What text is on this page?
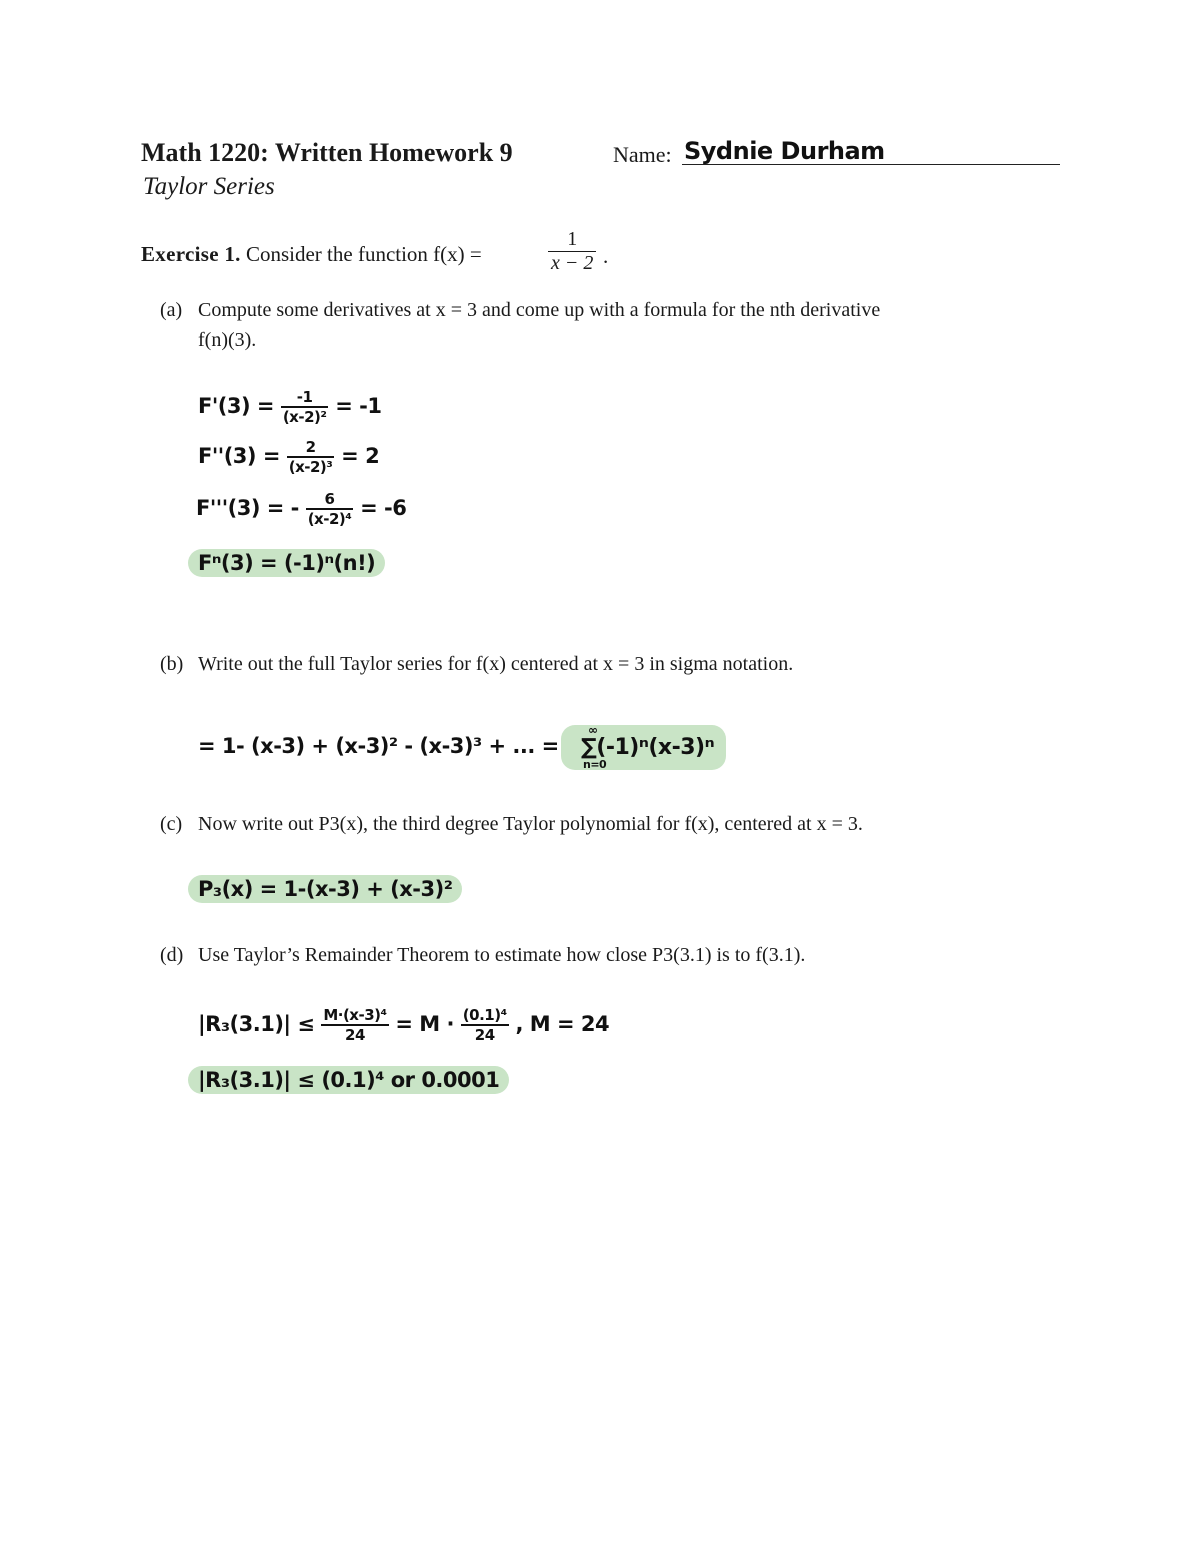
Math 1220: Written Homework 9
Taylor Series
Name: Sydnie Durham
Exercise 1. Consider the function f(x) =	$\frac{1}{x - 2}$ .
(a) Compute some derivatives at x = 3 and come up with a formula for the nth derivative
f(n)(3).
$F'(3) = \frac{-1}{\text{(x-2)²}} = -1$
$F''(3) = \frac{2}{\text{(x-2)³}} = 2$
F'''(3) = - $\frac{6}{\text{(x-2)⁴}} = -6$
Fⁿ(3) = (-1)ⁿ(n!)
(b) Write out the full Taylor series for f(x) centered at x = 3 in sigma notation.
= 1- (x-3) + (x-3)² - (x-3)³ + ... =
∞
n=0
∑(-1)ⁿ(x-3)ⁿ
(c) Now write out P3(x), the third degree Taylor polynomial for f(x), centered at x = 3.
P₃(x) = 1-(x-3) + (x-3)²
(d) Use Taylor’s Remainder Theorem to estimate how close P3(3.1) is to f(3.1).
$|R_3(3.1)| \le \frac{\text{M·(x-3)⁴}}{24} = M \cdot \frac{\text{(0.1)⁴}}{24}$ , M = 24
|R₃(3.1)| ≤ (0.1)⁴ or 0.0001
